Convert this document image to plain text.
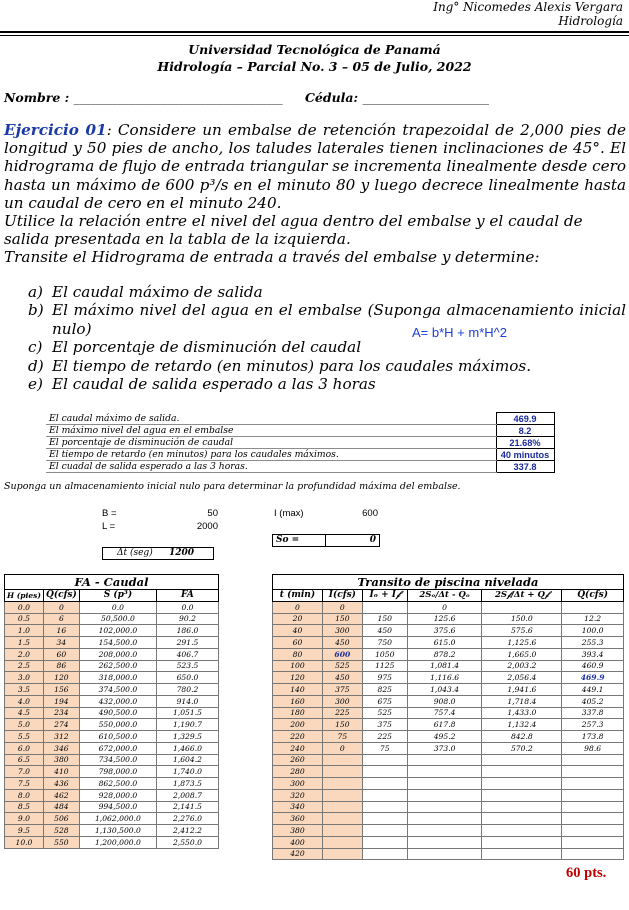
Ing° Nicomedes Alexis Vergara
Hidrología
Universidad Tecnológica de Panamá
Hidrología – Parcial No. 3 – 05 de Julio, 2022
Nombre : ______________________________________ Cédula: _______________________
Ejercicio 01: Considere un embalse de retención trapezoidal de 2,000 pies de longitud y 50 pies de ancho, los taludes laterales tienen inclinaciones de 45°. El hidrograma de flujo de entrada triangular se incrementa linealmente desde cero hasta un máximo de 600 p³/s en el minuto 80 y luego decrece linealmente hasta un caudal de cero en el minuto 240.
Utilice la relación entre el nivel del agua dentro del embalse y el caudal de salida presentada en la tabla de la izquierda.
Transite el Hidrograma de entrada a través del embalse y determine:
a) El caudal máximo de salida
b) El máximo nivel del agua en el embalse (Suponga almacenamiento inicial nulo)
c) El porcentaje de disminución del caudal
d) El tiempo de retardo (en minutos) para los caudales máximos.
e) El caudal de salida esperado a las 3 horas
A= b*H + m*H^2
El caudal máximo de salida.	469.9
El máximo nivel del agua en el embalse	8.2
El porcentaje de disminución de caudal	21.68%
El tiempo de retardo (en minutos) para los caudales máximos.	40 minutos
El cuadal de salida esperado a las 3 horas.	337.8
Suponga un almacenamiento inicial nulo para determinar la profundidad máxima del embalse.
B =	50
L =	2000
I (max)	600
So =	0
Δt (seg) 1200
FA - Caudal			
H (pies)	Q(cfs)	S (p³)	FA
0.0	0	0.0	0.0
0.5	6	50,500.0	90.2
1.0	16	102,000.0	186.0
1.5	34	154,500.0	291.5
2.0	60	208,000.0	406.7
2.5	86	262,500.0	523.5
3.0	120	318,000.0	650.0
3.5	156	374,500.0	780.2
4.0	194	432,000.0	914.0
4.5	234	490,500.0	1,051.5
5.0	274	550,000.0	1,190.7
5.5	312	610,500.0	1,329.5
6.0	346	672,000.0	1,466.0
6.5	380	734,500.0	1,604.2
7.0	410	798,000.0	1,740.0
7.5	436	862,500.0	1,873.5
8.0	462	928,000.0	2,008.7
8.5	484	994,500.0	2,141.5
9.0	506	1,062,000.0	2,276.0
9.5	528	1,130,500.0	2,412.2
10.0	550	1,200,000.0	2,550.0
Transito de piscina nivelada					
t (min)	I(cfs)	Iₒ + I𝒻	2Sₒ/Δt - Qₒ	2S𝒻/Δt + Q𝒻	Q(cfs)
0	0		0		
20	150	150	125.6	150.0	12.2
40	300	450	375.6	575.6	100.0
60	450	750	615.0	1,125.6	255.3
80	600	1050	878.2	1,665.0	393.4
100	525	1125	1,081.4	2,003.2	460.9
120	450	975	1,116.6	2,056.4	469.9
140	375	825	1,043.4	1,941.6	449.1
160	300	675	908.0	1,718.4	405.2
180	225	525	757.4	1,433.0	337.8
200	150	375	617.8	1,132.4	257.3
220	75	225	495.2	842.8	173.8
240	0	75	373.0	570.2	98.6
260					
280					
300					
320					
340					
360					
380					
400					
420					
60 pts.
